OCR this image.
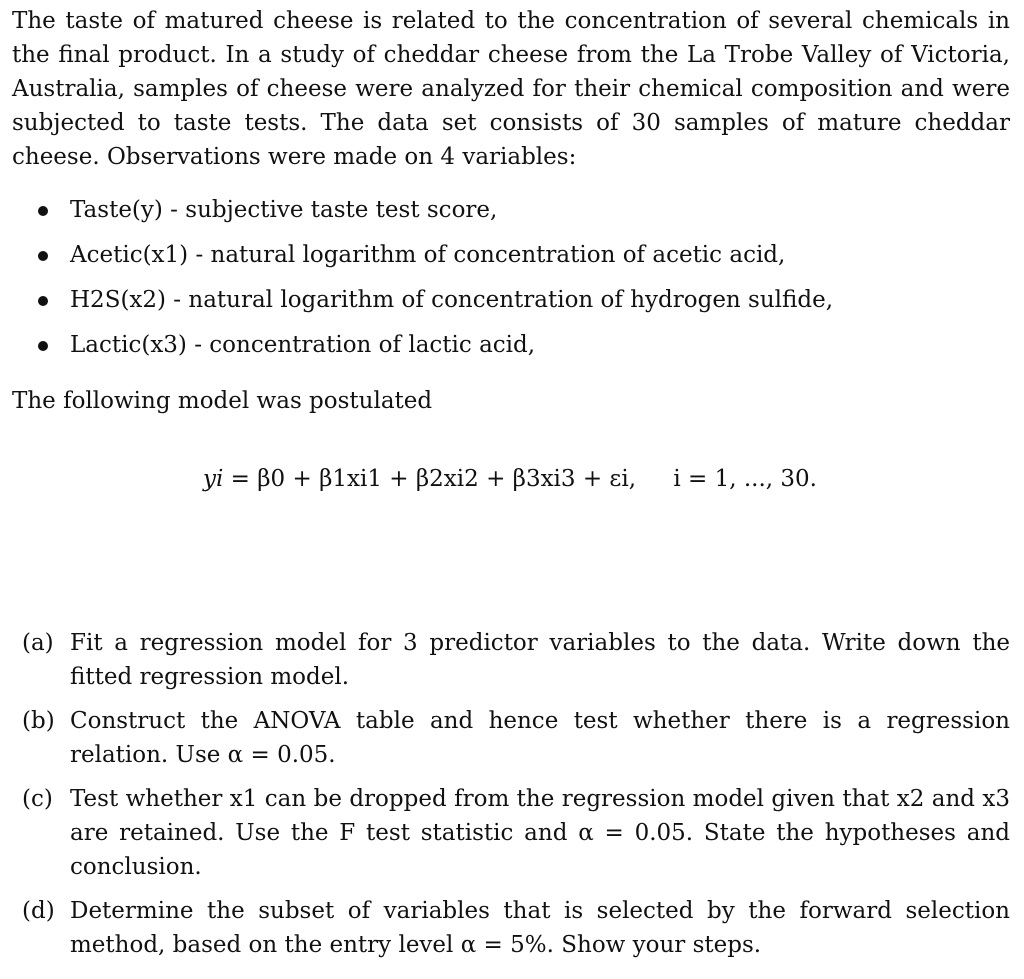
The taste of matured cheese is related to the concentration of several chemicals in the final product. In a study of cheddar cheese from the La Trobe Valley of Victoria, Australia, samples of cheese were analyzed for their chemical composition and were subjected to taste tests. The data set consists of 30 samples of mature cheddar cheese. Observations were made on 4 variables:

Taste(y) - subjective taste test score,
Acetic(x1) - natural logarithm of concentration of acetic acid,
H2S(x2) - natural logarithm of concentration of hydrogen sulfide,
Lactic(x3) - concentration of lactic acid,

The following model was postulated

yi = β0 + β1xi1 + β2xi2 + β3xi3 + εi, i = 1, ..., 30.
(a) Fit a regression model for 3 predictor variables to the data. Write down the fitted regression model.
(b) Construct the ANOVA table and hence test whether there is a regression relation. Use α = 0.05.
(c) Test whether x1 can be dropped from the regression model given that x2 and x3 are retained. Use the F test statistic and α = 0.05. State the hypotheses and conclusion.
(d) Determine the subset of variables that is selected by the forward selection method, based on the entry level α = 5%. Show your steps.
